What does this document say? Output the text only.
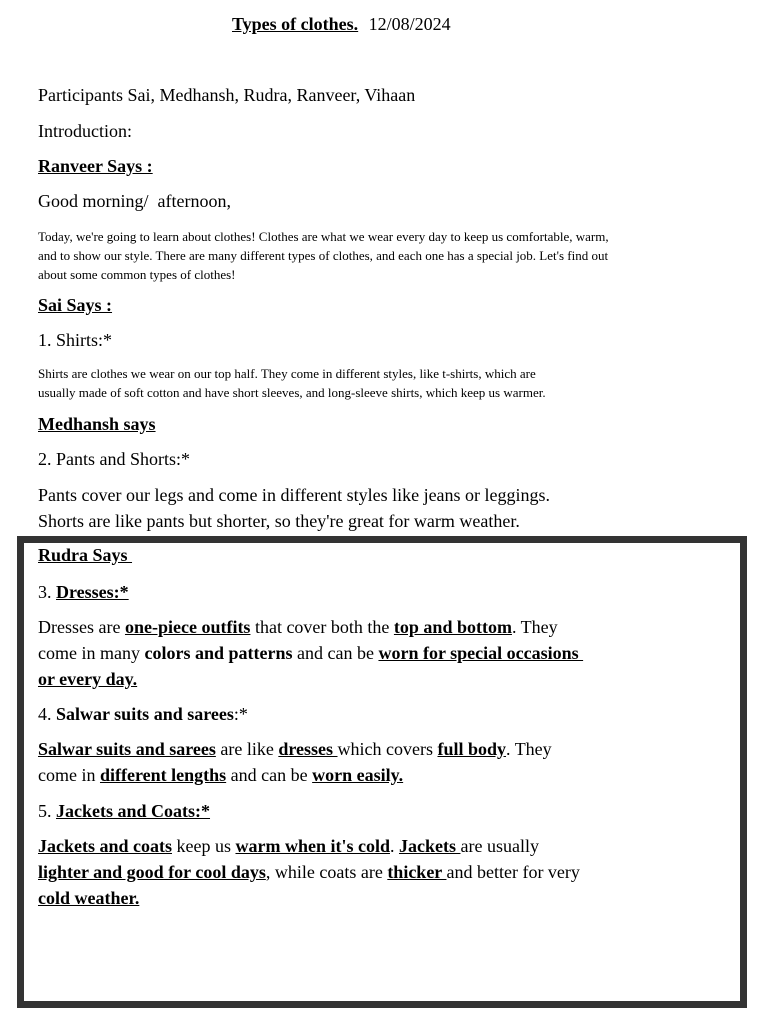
Types of clothes. 12/08/2024
Participants Sai, Medhansh, Rudra, Ranveer, Vihaan
Introduction:
Ranveer Says :
Good morning/  afternoon,
Today, we're going to learn about clothes! Clothes are what we wear every day to keep us comfortable, warm,
and to show our style. There are many different types of clothes, and each one has a special job. Let's find out
about some common types of clothes!
Sai Says :
1. Shirts:*
Shirts are clothes we wear on our top half. They come in different styles, like t-shirts, which are
usually made of soft cotton and have short sleeves, and long-sleeve shirts, which keep us warmer.
Medhansh says
2. Pants and Shorts:*
Pants cover our legs and come in different styles like jeans or leggings.
Shorts are like pants but shorter, so they're great for warm weather.
Rudra Says
3. Dresses:*
Dresses are one-piece outfits that cover both the top and bottom. They
come in many colors and patterns and can be worn for special occasions
or every day.
4. Salwar suits and sarees:*
Salwar suits and sarees are like dresses which covers full body. They
come in different lengths and can be worn easily.
5. Jackets and Coats:*
Jackets and coats keep us warm when it's cold. Jackets are usually
lighter and good for cool days, while coats are thicker and better for very
cold weather.
